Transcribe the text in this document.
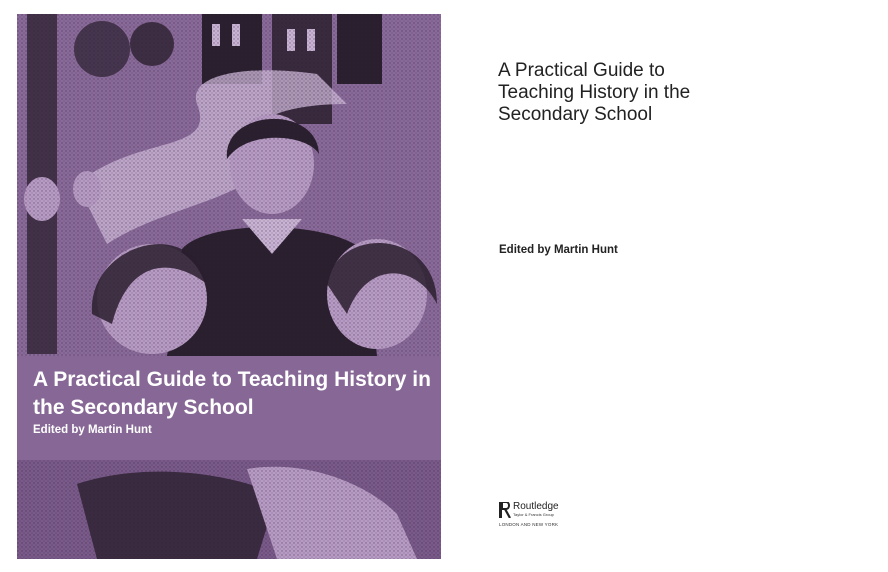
A Practical Guide to Teaching History in the Secondary School
Edited by Martin Hunt
A Practical Guide to
Teaching History in the
Secondary School
Edited by Martin Hunt
Routledge
Taylor & Francis Group
LONDON AND NEW YORK
